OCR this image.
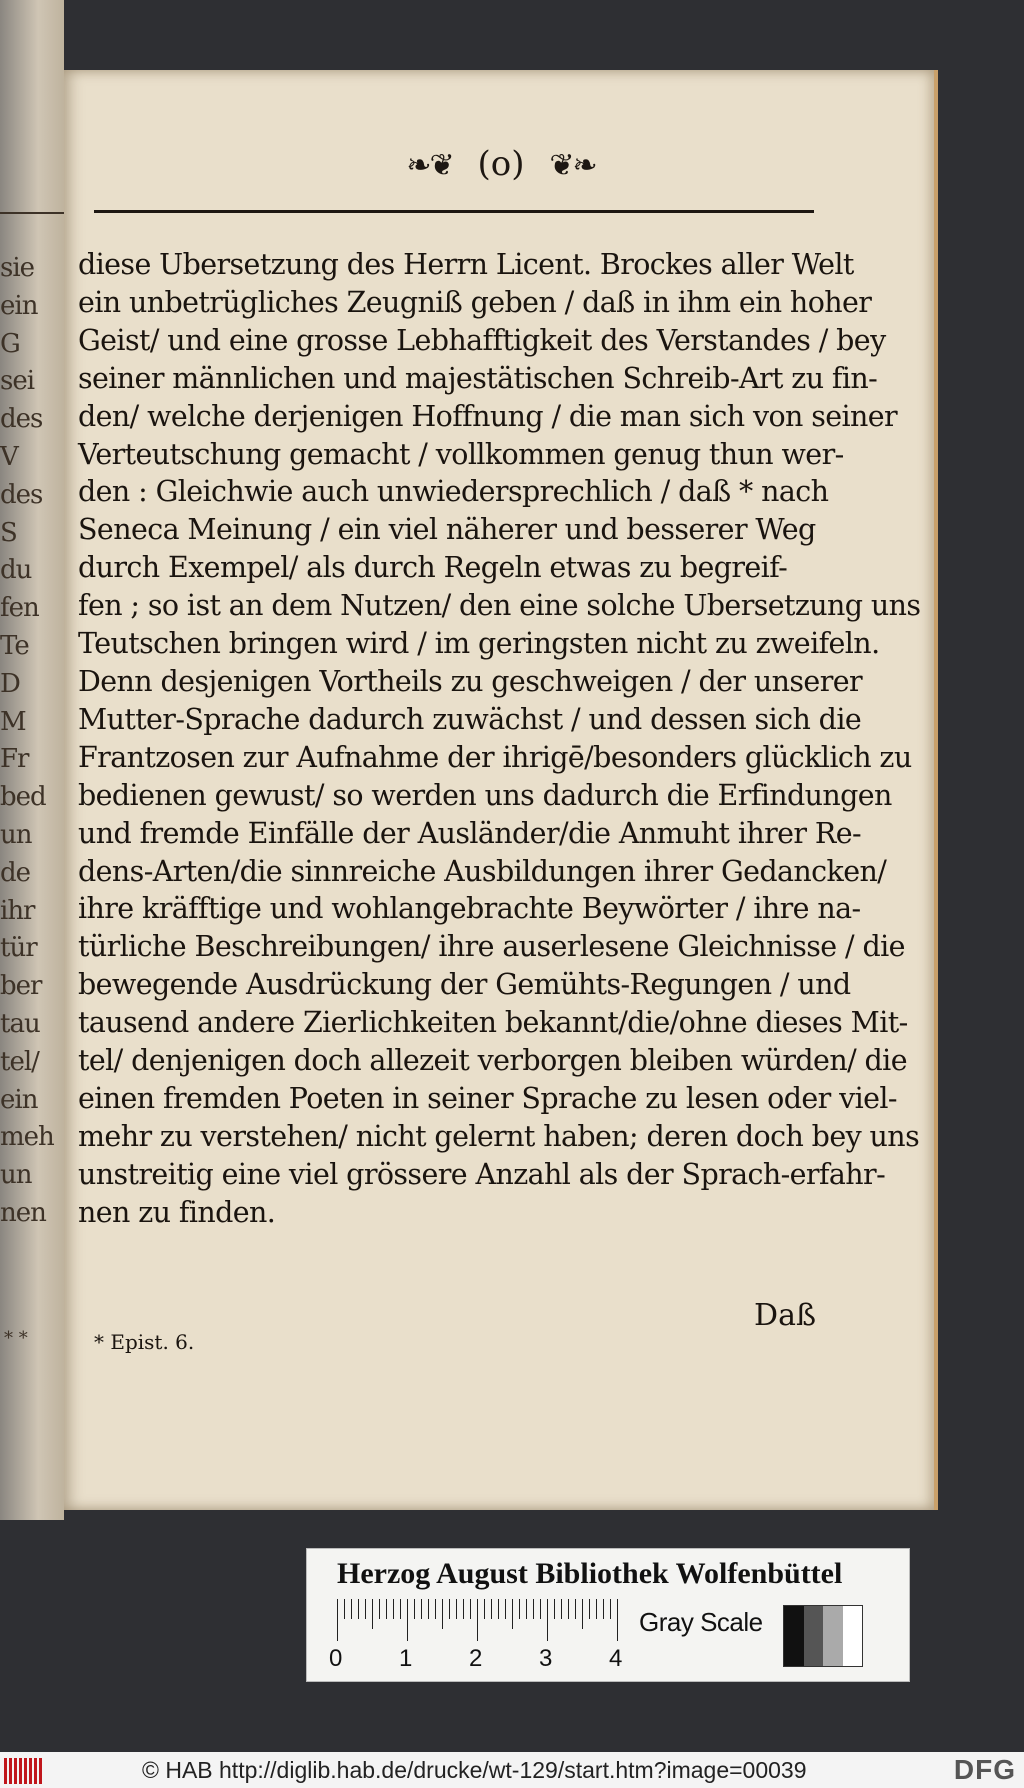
sie
ein
G
sei
des
V
des
S
du
fen
Te
D
M
Fr
bed
un
de
ihr
tür
ber
tau
tel/
ein
meh
un
nen
* *
❧❦ (o) ❦❧
diese Ubersetzung des Herrn Licent. Brockes aller Welt
ein unbetrügliches Zeugniß geben / daß in ihm ein hoher
Geist/ und eine grosse Lebhafftigkeit des Verstandes / bey
seiner männlichen und majestätischen Schreib-Art zu fin-
den/ welche derjenigen Hoffnung / die man sich von seiner
Verteutschung gemacht / vollkommen genug thun wer-
den : Gleichwie auch unwiedersprechlich / daß * nach
Seneca Meinung / ein viel näherer und besserer Weg
durch Exempel/ als durch Regeln etwas zu begreif-
fen ; so ist an dem Nutzen/ den eine solche Ubersetzung uns
Teutschen bringen wird / im geringsten nicht zu zweifeln.
Denn desjenigen Vortheils zu geschweigen / der unserer
Mutter-Sprache dadurch zuwächst / und dessen sich die
Frantzosen zur Aufnahme der ihrigē/besonders glücklich zu
bedienen gewust/ so werden uns dadurch die Erfindungen
und fremde Einfälle der Ausländer/die Anmuht ihrer Re-
dens-Arten/die sinnreiche Ausbildungen ihrer Gedancken/
ihre kräfftige und wohlangebrachte Beywörter / ihre na-
türliche Beschreibungen/ ihre auserlesene Gleichnisse / die
bewegende Ausdrückung der Gemühts-Regungen / und
tausend andere Zierlichkeiten bekannt/die/ohne dieses Mit-
tel/ denjenigen doch allezeit verborgen bleiben würden/ die
einen fremden Poeten in seiner Sprache zu lesen oder viel-
mehr zu verstehen/ nicht gelernt haben; deren doch bey uns
unstreitig eine viel grössere Anzahl als der Sprach-erfahr-
nen zu finden.
Daß
* Epist. 6.
Herzog August Bibliothek Wolfenbüttel
0 1 2 3 4
Gray Scale
© HAB http://diglib.hab.de/drucke/wt-129/start.htm?image=00039	DFG
